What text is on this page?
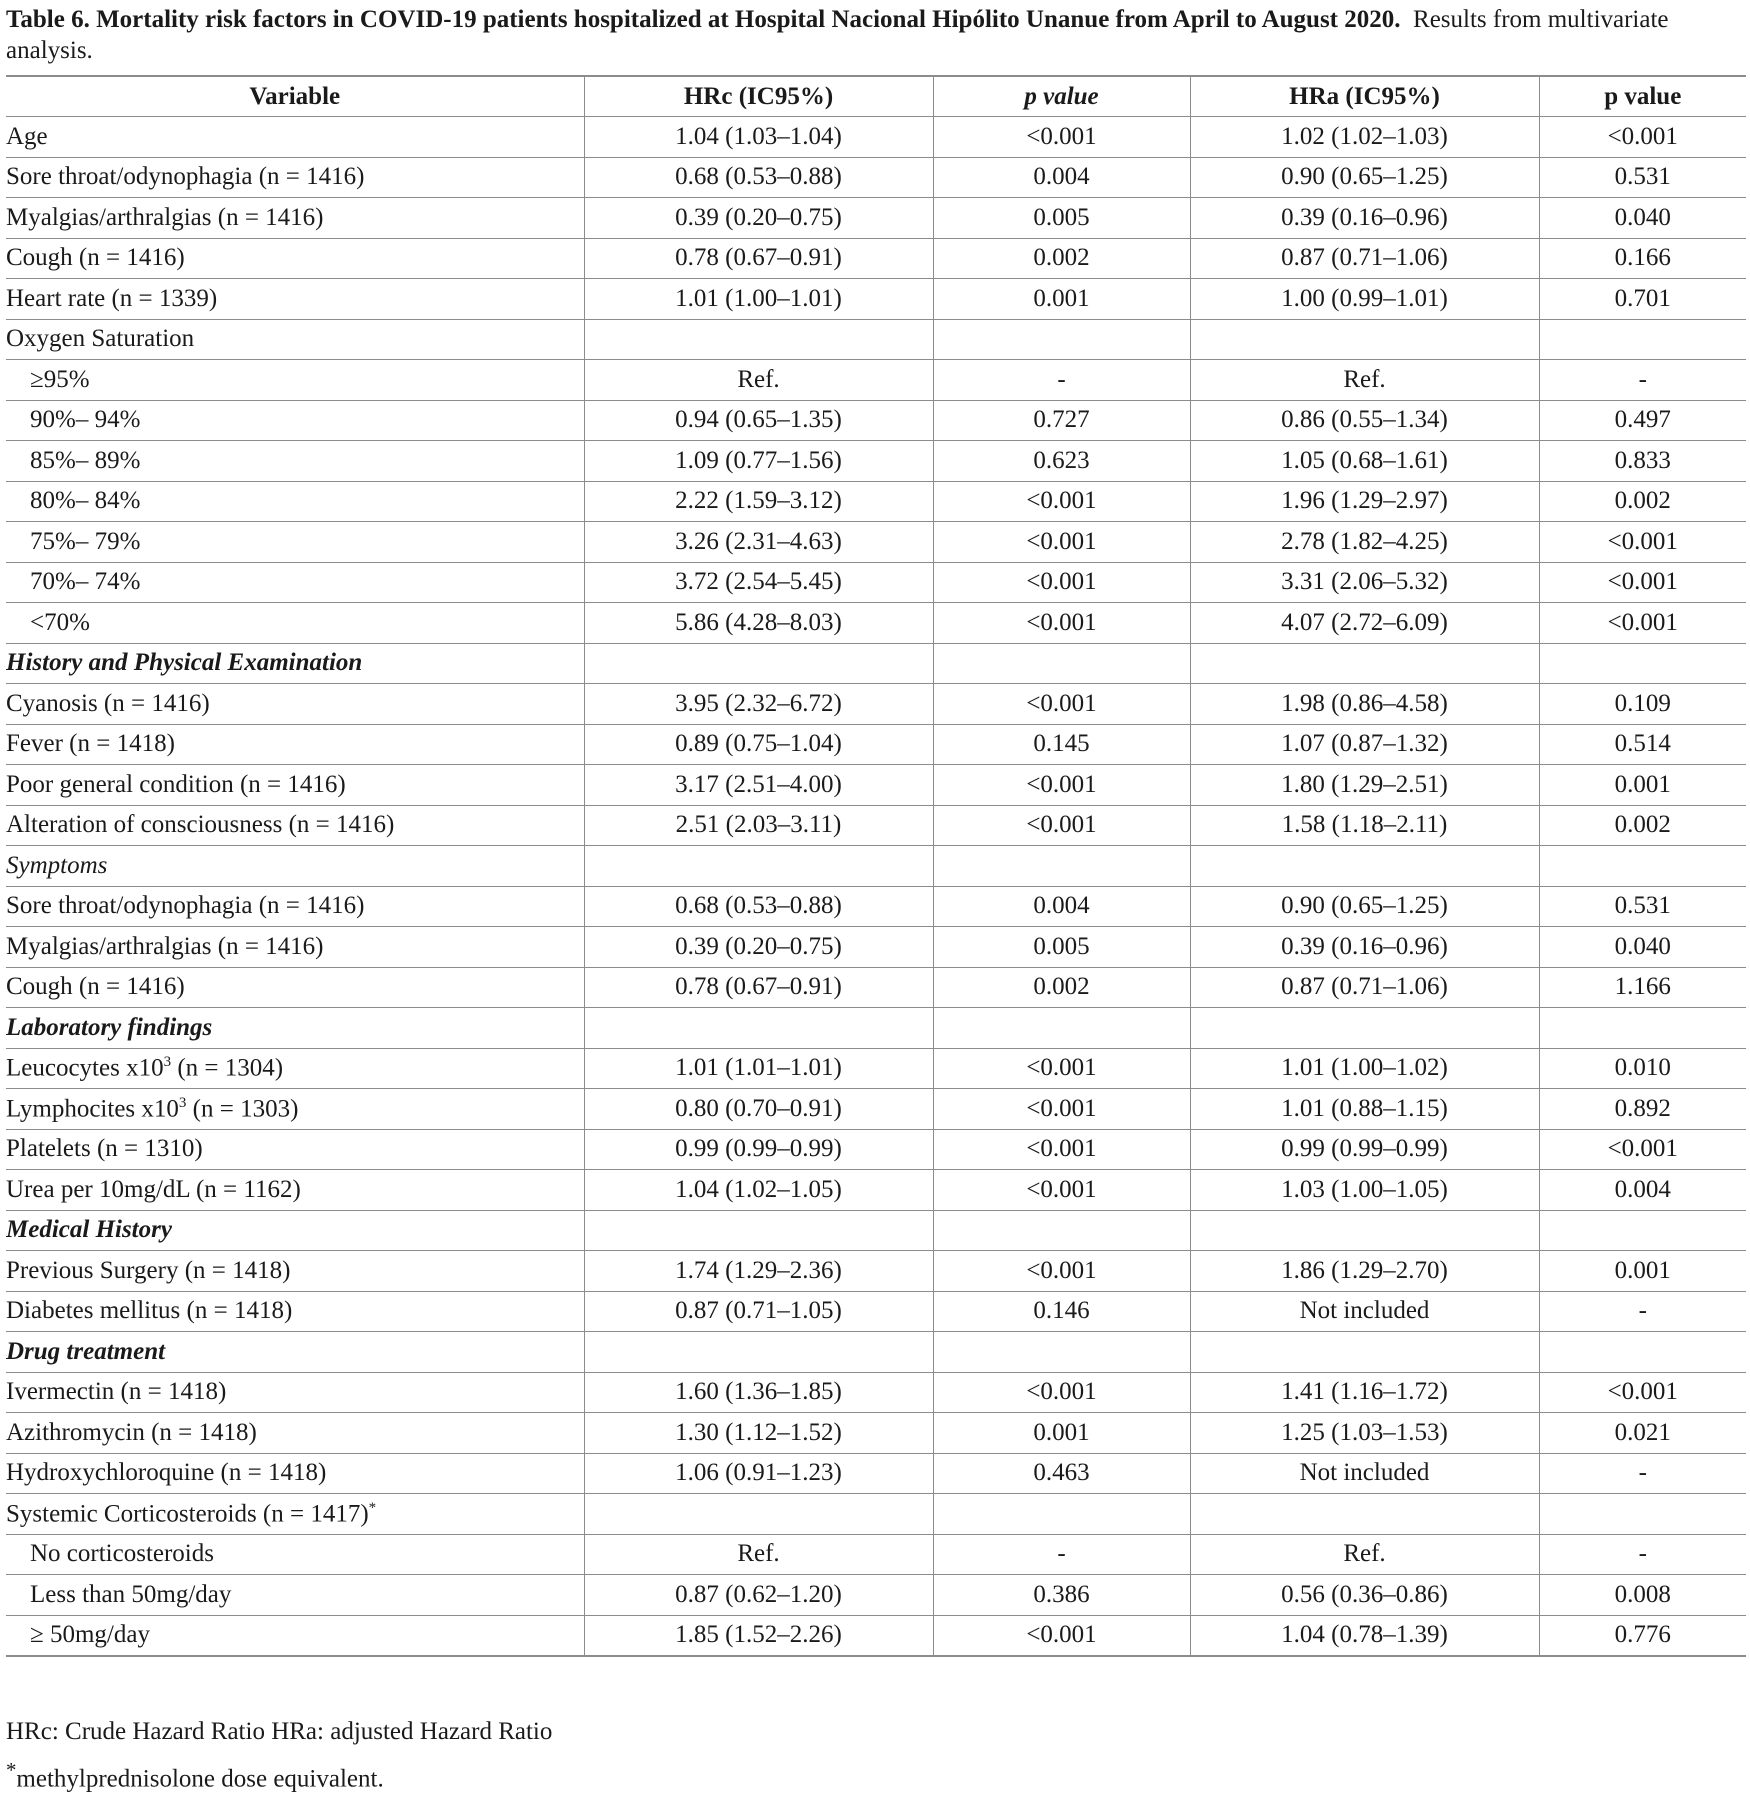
Table 6. Mortality risk factors in COVID-19 patients hospitalized at Hospital Nacional Hipólito Unanue from April to August 2020. Results from multivariate analysis.
Variable	HRc (IC95%)	p value	HRa (IC95%)	p value
Age	1.04 (1.03–1.04)	<0.001	1.02 (1.02–1.03)	<0.001
Sore throat/odynophagia (n = 1416)	0.68 (0.53–0.88)	0.004	0.90 (0.65–1.25)	0.531
Myalgias/arthralgias (n = 1416)	0.39 (0.20–0.75)	0.005	0.39 (0.16–0.96)	0.040
Cough (n = 1416)	0.78 (0.67–0.91)	0.002	0.87 (0.71–1.06)	0.166
Heart rate (n = 1339)	1.01 (1.00–1.01)	0.001	1.00 (0.99–1.01)	0.701
Oxygen Saturation				
≥95%	Ref.	-	Ref.	-
90%– 94%	0.94 (0.65–1.35)	0.727	0.86 (0.55–1.34)	0.497
85%– 89%	1.09 (0.77–1.56)	0.623	1.05 (0.68–1.61)	0.833
80%– 84%	2.22 (1.59–3.12)	<0.001	1.96 (1.29–2.97)	0.002
75%– 79%	3.26 (2.31–4.63)	<0.001	2.78 (1.82–4.25)	<0.001
70%– 74%	3.72 (2.54–5.45)	<0.001	3.31 (2.06–5.32)	<0.001
<70%	5.86 (4.28–8.03)	<0.001	4.07 (2.72–6.09)	<0.001
History and Physical Examination				
Cyanosis (n = 1416)	3.95 (2.32–6.72)	<0.001	1.98 (0.86–4.58)	0.109
Fever (n = 1418)	0.89 (0.75–1.04)	0.145	1.07 (0.87–1.32)	0.514
Poor general condition (n = 1416)	3.17 (2.51–4.00)	<0.001	1.80 (1.29–2.51)	0.001
Alteration of consciousness (n = 1416)	2.51 (2.03–3.11)	<0.001	1.58 (1.18–2.11)	0.002
Symptoms				
Sore throat/odynophagia (n = 1416)	0.68 (0.53–0.88)	0.004	0.90 (0.65–1.25)	0.531
Myalgias/arthralgias (n = 1416)	0.39 (0.20–0.75)	0.005	0.39 (0.16–0.96)	0.040
Cough (n = 1416)	0.78 (0.67–0.91)	0.002	0.87 (0.71–1.06)	1.166
Laboratory findings				
Leucocytes $x10^3$ (n = 1304)	1.01 (1.01–1.01)	<0.001	1.01 (1.00–1.02)	0.010
Lymphocites $x10^3$ (n = 1303)	0.80 (0.70–0.91)	<0.001	1.01 (0.88–1.15)	0.892
Platelets (n = 1310)	0.99 (0.99–0.99)	<0.001	0.99 (0.99–0.99)	<0.001
Urea per 10mg/dL (n = 1162)	1.04 (1.02–1.05)	<0.001	1.03 (1.00–1.05)	0.004
Medical History				
Previous Surgery (n = 1418)	1.74 (1.29–2.36)	<0.001	1.86 (1.29–2.70)	0.001
Diabetes mellitus (n = 1418)	0.87 (0.71–1.05)	0.146	Not included	-
Drug treatment				
Ivermectin (n = 1418)	1.60 (1.36–1.85)	<0.001	1.41 (1.16–1.72)	<0.001
Azithromycin (n = 1418)	1.30 (1.12–1.52)	0.001	1.25 (1.03–1.53)	0.021
Hydroxychloroquine (n = 1418)	1.06 (0.91–1.23)	0.463	Not included	-
Systemic Corticosteroids (n = 1417)*				
No corticosteroids	Ref.	-	Ref.	-
Less than 50mg/day	0.87 (0.62–1.20)	0.386	0.56 (0.36–0.86)	0.008
≥ 50mg/day	1.85 (1.52–2.26)	<0.001	1.04 (0.78–1.39)	0.776
HRc: Crude Hazard Ratio HRa: adjusted Hazard Ratio
*methylprednisolone dose equivalent.
